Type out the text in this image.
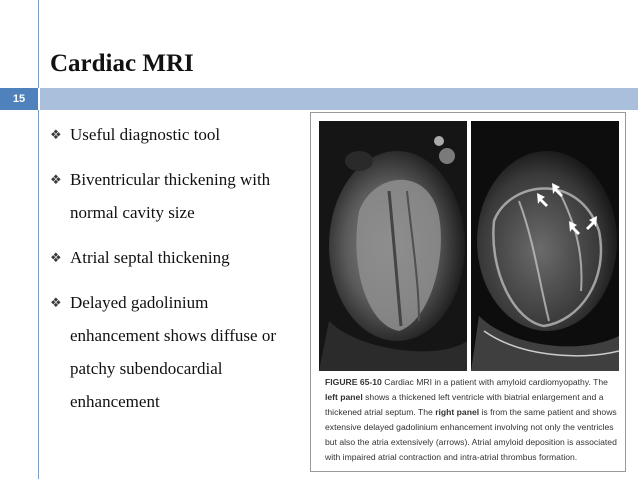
Cardiac MRI
15
❖ Useful diagnostic tool
❖ Biventricular thickening with normal cavity size
❖ Atrial septal thickening
❖ Delayed gadolinium enhancement shows diffuse or patchy subendocardial enhancement
FIGURE 65-10 Cardiac MRI in a patient with amyloid cardiomyopathy. The left panel shows a thickened left ventricle with biatrial enlargement and a thickened atrial septum. The right panel is from the same patient and shows extensive delayed gadolinium enhancement involving not only the ventricles but also the atria extensively (arrows). Atrial amyloid deposition is associated with impaired atrial contraction and intra-atrial thrombus formation.
